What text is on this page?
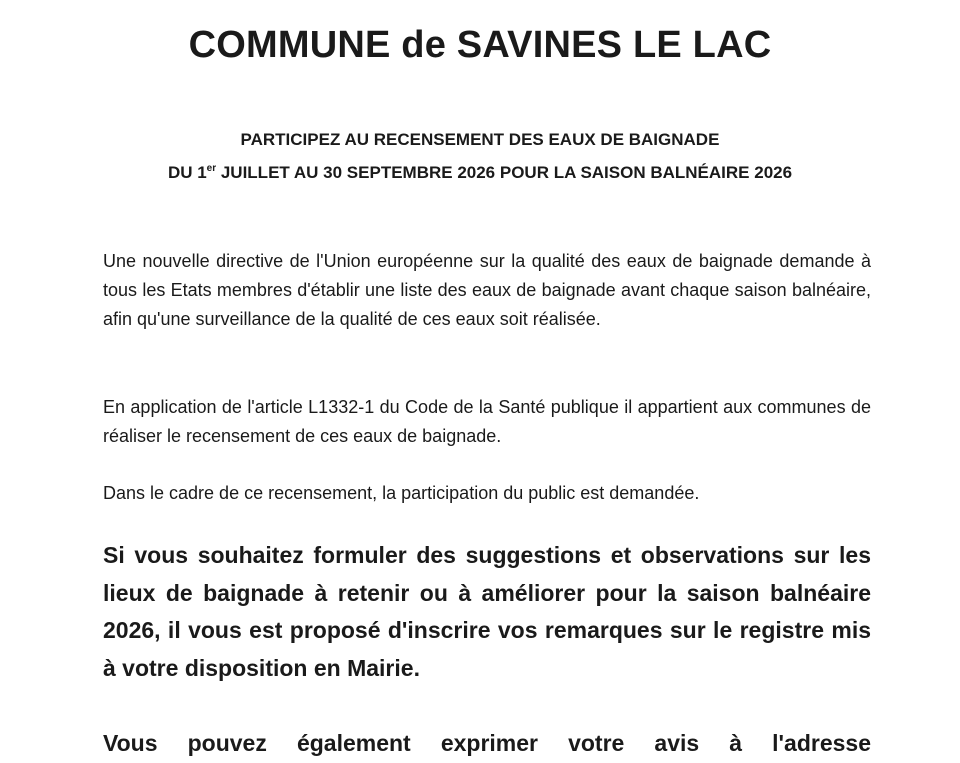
COMMUNE de SAVINES LE LAC
PARTICIPEZ AU RECENSEMENT DES EAUX DE BAIGNADE
DU 1er JUILLET AU 30 SEPTEMBRE 2026 POUR LA SAISON BALNÉAIRE 2026

Une nouvelle directive de l'Union européenne sur la qualité des eaux de baignade demande à tous les Etats membres d'établir une liste des eaux de baignade avant chaque saison balnéaire, afin qu'une surveillance de la qualité de ces eaux soit réalisée.

En application de l'article L1332-1 du Code de la Santé publique il appartient aux communes de réaliser le recensement de ces eaux de baignade.

Dans le cadre de ce recensement, la participation du public est demandée.

Si vous souhaitez formuler des suggestions et observations sur les lieux de baignade à retenir ou à améliorer pour la saison balnéaire 2026, il vous est proposé d'inscrire vos remarques sur le registre mis à votre disposition en Mairie.

Vous pouvez également exprimer votre avis à l'adresse
